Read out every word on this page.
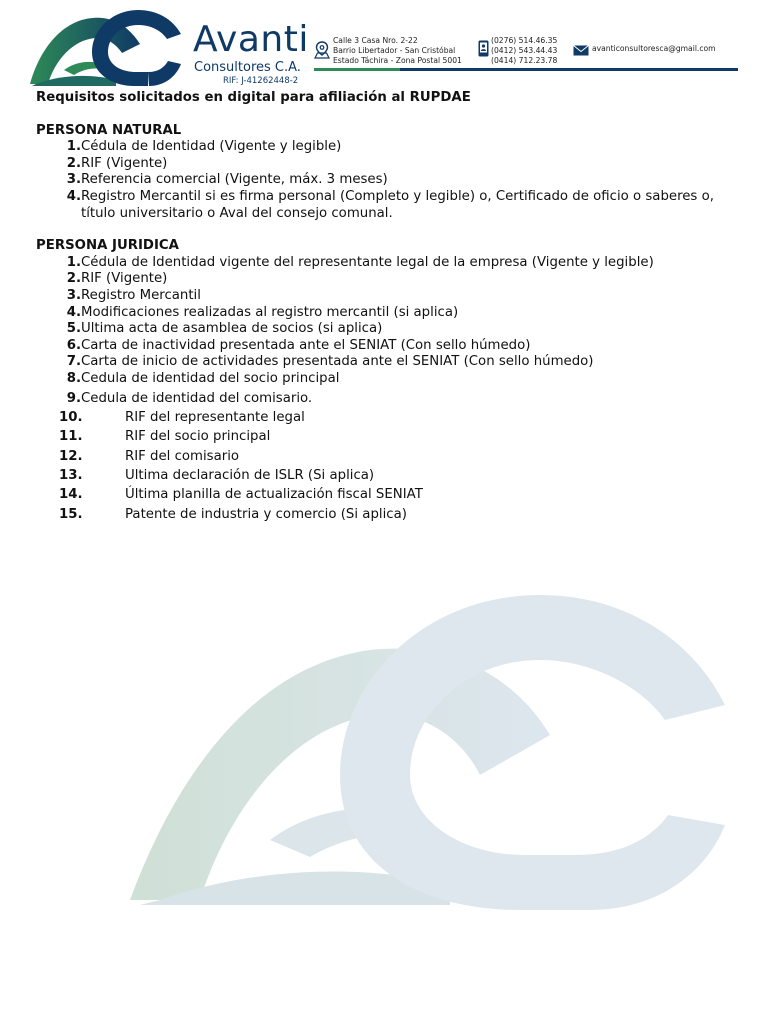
Avanti
Consultores C.A.
RIF: J-41262448-2
Calle 3 Casa Nro. 2-22
Barrio Libertador - San Cristóbal
Estado Táchira - Zona Postal 5001
(0276) 514.46.35
(0412) 543.44.43
(0414) 712.23.78
avanticonsultoresca@gmail.com

Requisitos solicitados en digital para afiliación al RUPDAE

PERSONA NATURAL

1. Cédula de Identidad (Vigente y legible)
2. RIF (Vigente)
3. Referencia comercial (Vigente, máx. 3 meses)
4. Registro Mercantil si es firma personal (Completo y legible) o, Certificado de oficio o saberes o, título universitario o Aval del consejo comunal.

PERSONA JURIDICA

1. Cédula de Identidad vigente del representante legal de la empresa (Vigente y legible)
2. RIF (Vigente)
3. Registro Mercantil
4. Modificaciones realizadas al registro mercantil (si aplica)
5. Ultima acta de asamblea de socios (si aplica)
6. Carta de inactividad presentada ante el SENIAT (Con sello húmedo)
7. Carta de inicio de actividades presentada ante el SENIAT (Con sello húmedo)
8. Cedula de identidad del socio principal
9. Cedula de identidad del comisario.
10.	RIF del representante legal
11.	RIF del socio principal
12.	RIF del comisario
13.	Ultima declaración de ISLR (Si aplica)
14.	Última planilla de actualización fiscal SENIAT
15.	Patente de industria y comercio (Si aplica)
